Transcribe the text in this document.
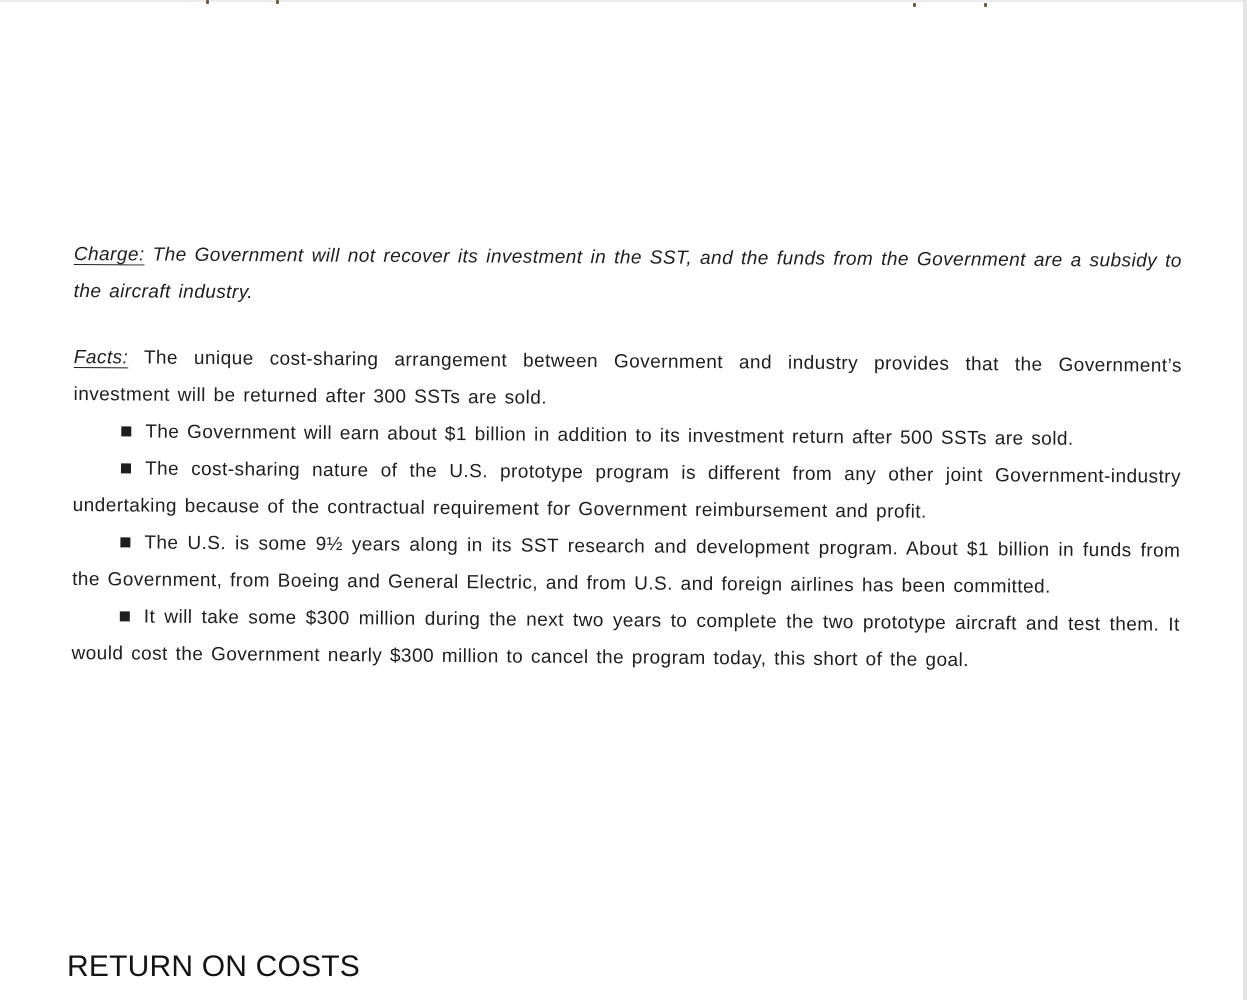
Charge: The Government will not recover its investment in the SST, and the funds from the Government are a subsidy to the aircraft industry.

Facts: The unique cost-sharing arrangement between Government and industry provides that the Government’s investment will be returned after 300 SSTs are sold.

The Government will earn about $1 billion in addition to its investment return after 500 SSTs are sold.

The cost-sharing nature of the U.S. prototype program is different from any other joint Government-industry undertaking because of the contractual requirement for Government reimbursement and profit.

The U.S. is some 9½ years along in its SST research and development program. About $1 billion in funds from the Government, from Boeing and General Electric, and from U.S. and foreign airlines has been committed.

It will take some $300 million during the next two years to complete the two prototype aircraft and test them. It would cost the Government nearly $300 million to cancel the program today, this short of the goal.

RETURN ON COSTS
